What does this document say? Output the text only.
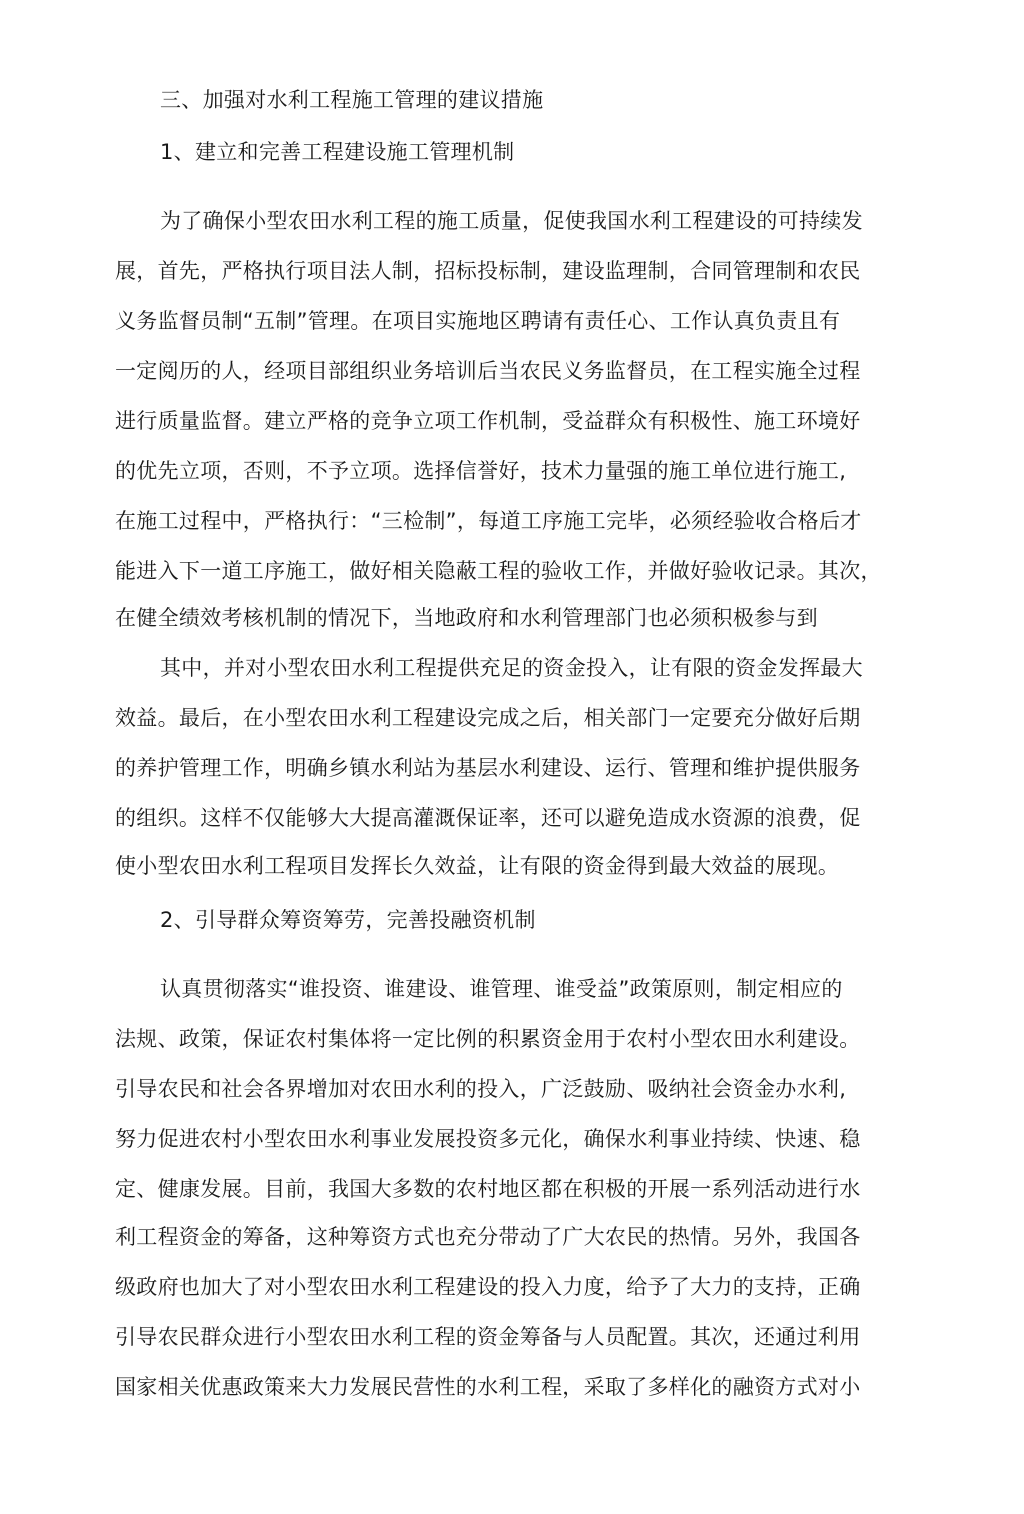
三、加强对水利工程施工管理的建议措施
1、建立和完善工程建设施工管理机制
为了确保小型农田水利工程的施工质量，促使我国水利工程建设的可持续发
展，首先，严格执行项目法人制，招标投标制，建设监理制，合同管理制和农民
义务监督员制“五制”管理。在项目实施地区聘请有责任心、工作认真负责且有
一定阅历的人，经项目部组织业务培训后当农民义务监督员，在工程实施全过程
进行质量监督。建立严格的竞争立项工作机制，受益群众有积极性、施工环境好
的优先立项，否则，不予立项。选择信誉好，技术力量强的施工单位进行施工,
在施工过程中，严格执行：“三检制”，每道工序施工完毕，必须经验收合格后才
能进入下一道工序施工，做好相关隐蔽工程的验收工作，并做好验收记录。其次，
在健全绩效考核机制的情况下，当地政府和水利管理部门也必须积极参与到
其中，并对小型农田水利工程提供充足的资金投入，让有限的资金发挥最大
效益。最后，在小型农田水利工程建设完成之后，相关部门一定要充分做好后期
的养护管理工作，明确乡镇水利站为基层水利建设、运行、管理和维护提供服务
的组织。这样不仅能够大大提高灌溉保证率，还可以避免造成水资源的浪费，促
使小型农田水利工程项目发挥长久效益，让有限的资金得到最大效益的展现。
2、引导群众筹资筹劳，完善投融资机制
认真贯彻落实“谁投资、谁建设、谁管理、谁受益”政策原则，制定相应的
法规、政策，保证农村集体将一定比例的积累资金用于农村小型农田水利建设。
引导农民和社会各界增加对农田水利的投入，广泛鼓励、吸纳社会资金办水利,
努力促进农村小型农田水利事业发展投资多元化，确保水利事业持续、快速、稳
定、健康发展。目前，我国大多数的农村地区都在积极的开展一系列活动进行水
利工程资金的筹备，这种筹资方式也充分带动了广大农民的热情。另外，我国各
级政府也加大了对小型农田水利工程建设的投入力度，给予了大力的支持，正确
引导农民群众进行小型农田水利工程的资金筹备与人员配置。其次，还通过利用
国家相关优惠政策来大力发展民营性的水利工程，采取了多样化的融资方式对小
